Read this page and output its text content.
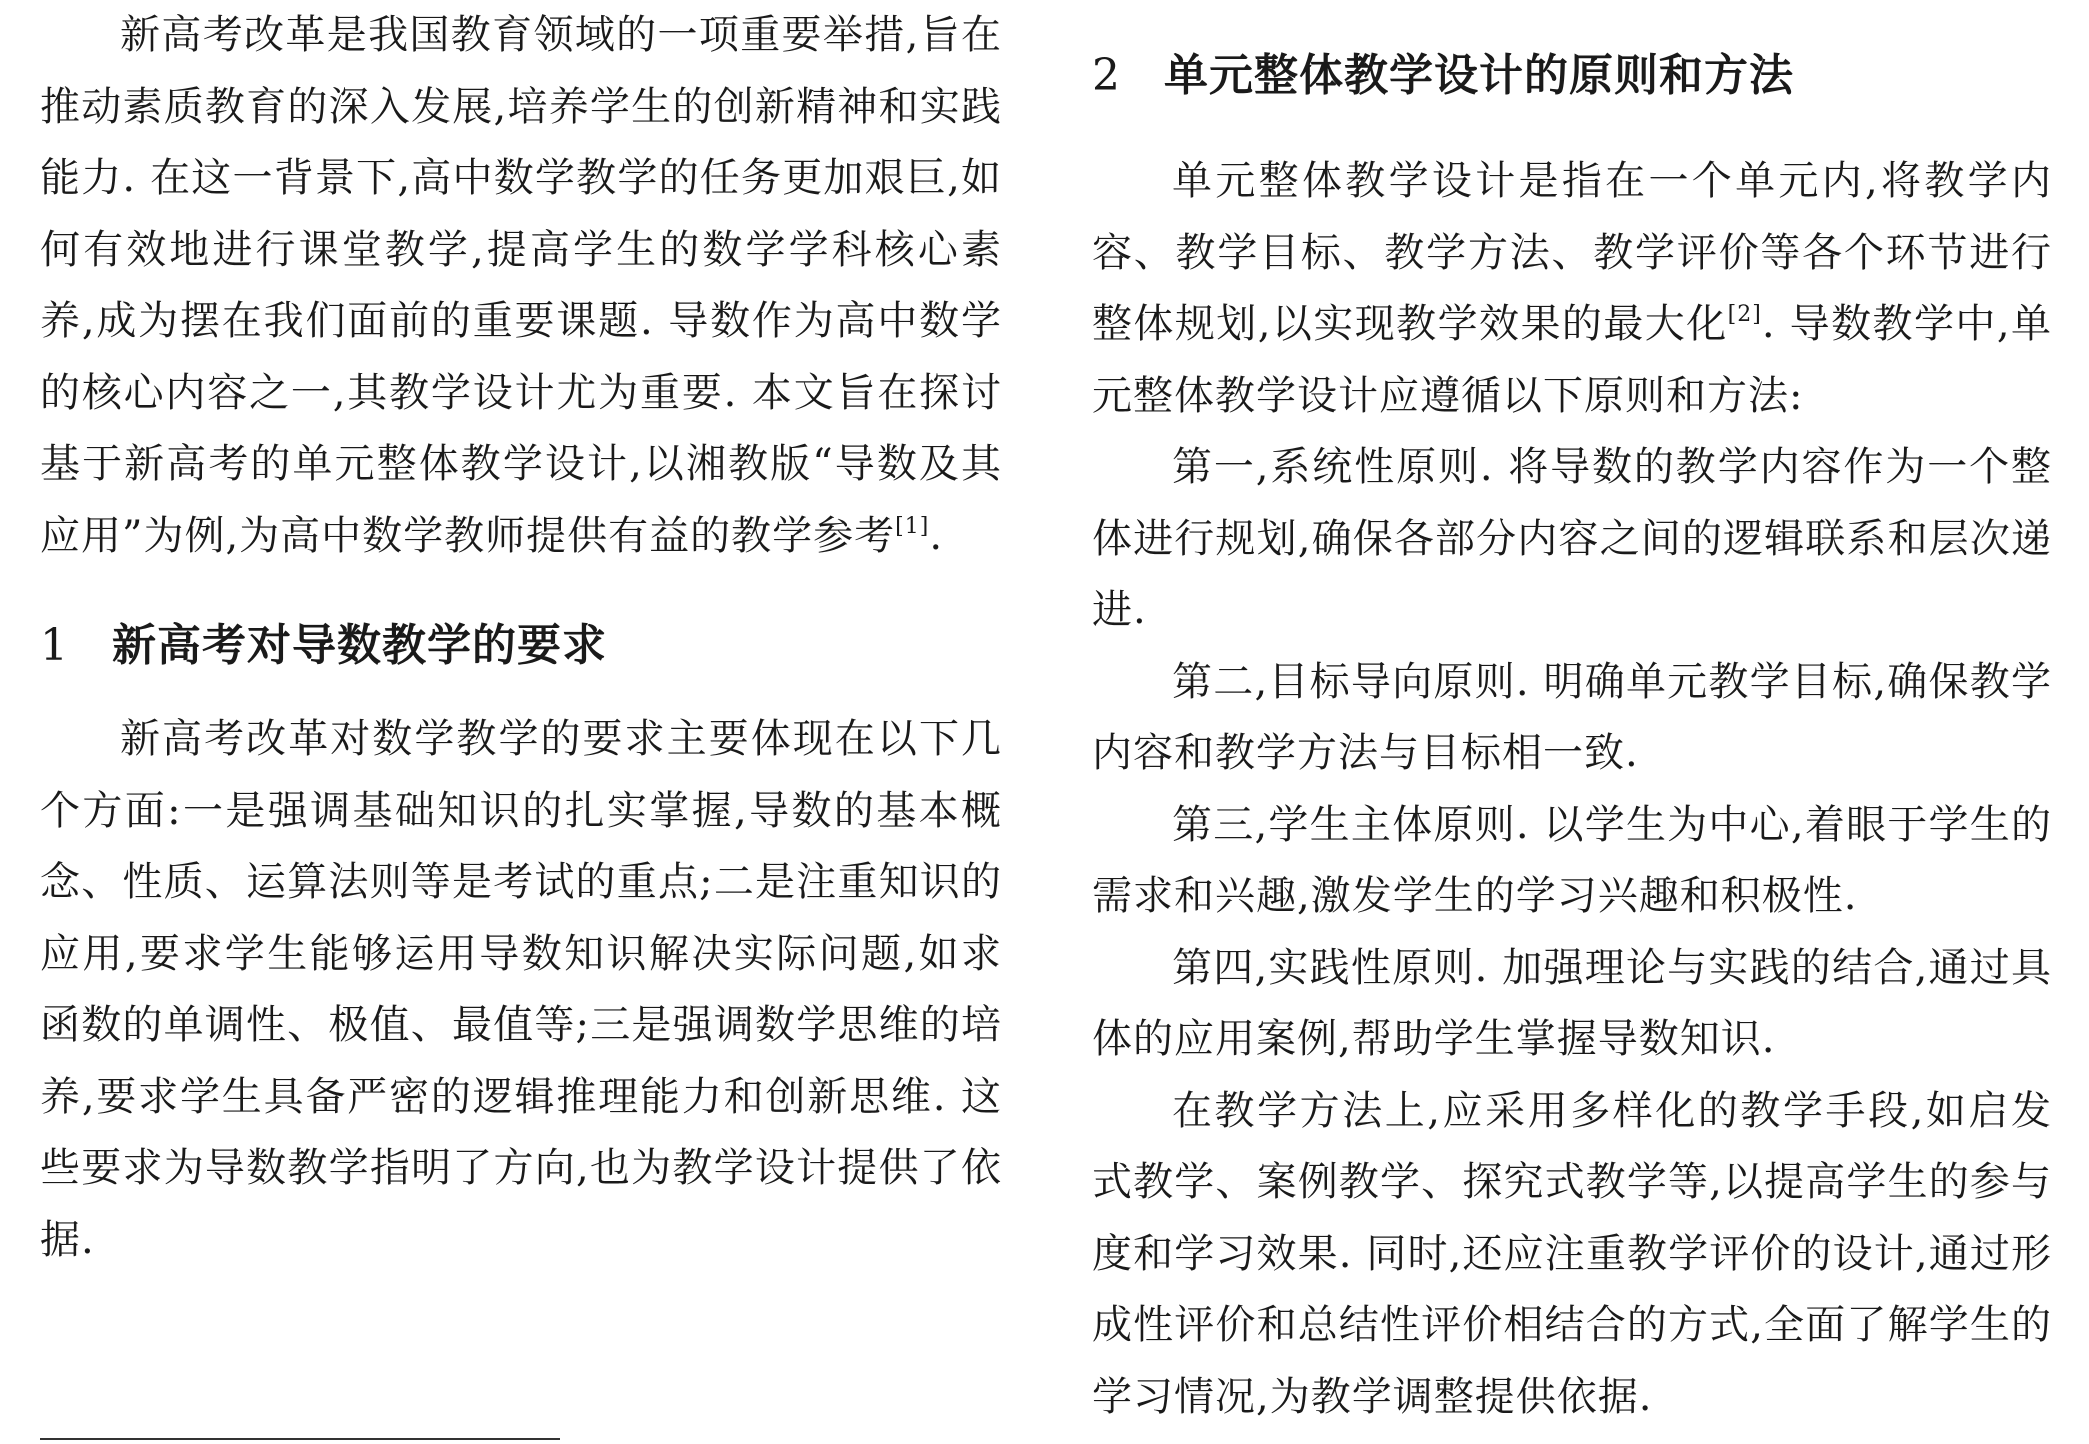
新高考改革是我国教育领域的一项重要举措,旨在推动素质教育的深入发展,培养学生的创新精神和实践能力. 在这一背景下,高中数学教学的任务更加艰巨,如何有效地进行课堂教学,提高学生的数学学科核心素养,成为摆在我们面前的重要课题. 导数作为高中数学的核心内容之一,其教学设计尤为重要. 本文旨在探讨基于新高考的单元整体教学设计,以湘教版“导数及其应用”为例,为高中数学教师提供有益的教学参考[1].

1 新高考对导数教学的要求

新高考改革对数学教学的要求主要体现在以下几个方面:一是强调基础知识的扎实掌握,导数的基本概念、性质、运算法则等是考试的重点;二是注重知识的应用,要求学生能够运用导数知识解决实际问题,如求函数的单调性、极值、最值等;三是强调数学思维的培养,要求学生具备严密的逻辑推理能力和创新思维. 这些要求为导数教学指明了方向,也为教学设计提供了依据.

2 单元整体教学设计的原则和方法

单元整体教学设计是指在一个单元内,将教学内容、教学目标、教学方法、教学评价等各个环节进行整体规划,以实现教学效果的最大化[2]. 导数教学中,单元整体教学设计应遵循以下原则和方法:

第一,系统性原则. 将导数的教学内容作为一个整体进行规划,确保各部分内容之间的逻辑联系和层次递进.

第二,目标导向原则. 明确单元教学目标,确保教学内容和教学方法与目标相一致.

第三,学生主体原则. 以学生为中心,着眼于学生的需求和兴趣,激发学生的学习兴趣和积极性.

第四,实践性原则. 加强理论与实践的结合,通过具体的应用案例,帮助学生掌握导数知识.

在教学方法上,应采用多样化的教学手段,如启发式教学、案例教学、探究式教学等,以提高学生的参与度和学习效果. 同时,还应注重教学评价的设计,通过形成性评价和总结性评价相结合的方式,全面了解学生的学习情况,为教学调整提供依据.
